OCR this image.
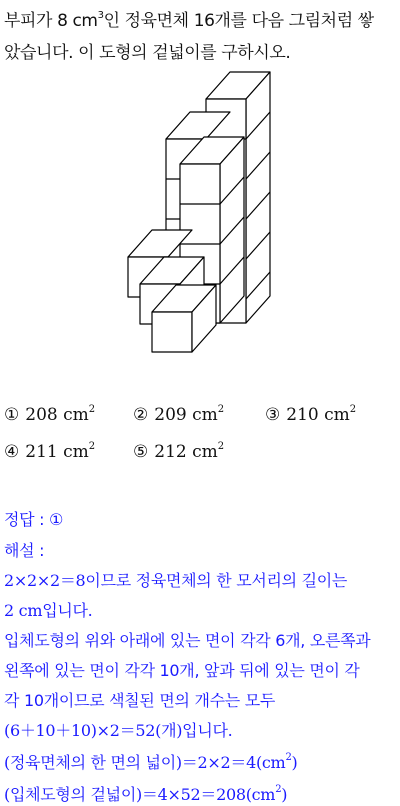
부피가 8 $cm^3$인 정육면체 16개를 다음 그림처럼 쌓
았습니다. 이 도형의 겉넓이를 구하시오.
① 208 $cm^2$ ② 209 $cm^2$ ③ 210 $cm^2$
④ 211 $cm^2$ ⑤ 212 $cm^2$
정답 : ①
해설 :
2×2×2＝8이므로 정육면체의 한 모서리의 길이는
2 cm입니다.
입체도형의 위와 아래에 있는 면이 각각 6개, 오른쪽과
왼쪽에 있는 면이 각각 10개, 앞과 뒤에 있는 면이 각
각 10개이므로 색칠된 면의 개수는 모두
(6＋10＋10)×2＝52(개)입니다.
(정육면체의 한 면의 넓이)$=2\times 2=4(cm^2)$
(입체도형의 겉넓이)$=4\times 52=208(cm^2)$
